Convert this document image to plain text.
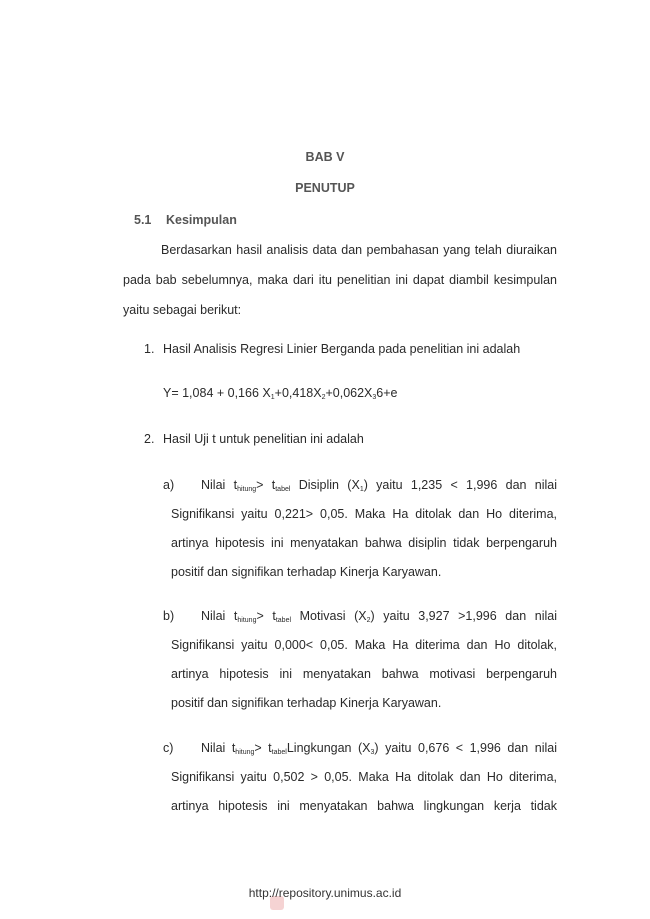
BAB V
PENUTUP
5.1 Kesimpulan
Berdasarkan hasil analisis data dan pembahasan yang telah diuraikan pada bab sebelumnya, maka dari itu penelitian ini dapat diambil kesimpulan yaitu sebagai berikut:
1. Hasil Analisis Regresi Linier Berganda pada penelitian ini adalah
Y= 1,084 + 0,166 $X_1+0,418X_2+0,062X_36+e$
2. Hasil Uji t untuk penelitian ini adalah
a) Nilai $t_{hitung}> t_{tabel}$ Disiplin $(X_1)$ yaitu 1,235 < 1,996 dan nilai
Signifikansi yaitu 0,221> 0,05. Maka Ha ditolak dan Ho diterima,
artinya hipotesis ini menyatakan bahwa disiplin tidak berpengaruh
positif dan signifikan terhadap Kinerja Karyawan.
b) Nilai $t_{hitung}> t_{tabel}$ Motivasi $(X_2)$ yaitu 3,927 >1,996 dan nilai
Signifikansi yaitu 0,000< 0,05. Maka Ha diterima dan Ho ditolak,
artinya hipotesis ini menyatakan bahwa motivasi berpengaruh
positif dan signifikan terhadap Kinerja Karyawan.
c) Nilai $t_{hitung}>$ $t_{tabel}Lingkungan$ $(X_3)$ yaitu 0,676 < 1,996 dan nilai
Signifikansi yaitu 0,502 > 0,05. Maka Ha ditolak dan Ho diterima,
artinya hipotesis ini menyatakan bahwa lingkungan kerja tidak
http://repository.unimus.ac.id
